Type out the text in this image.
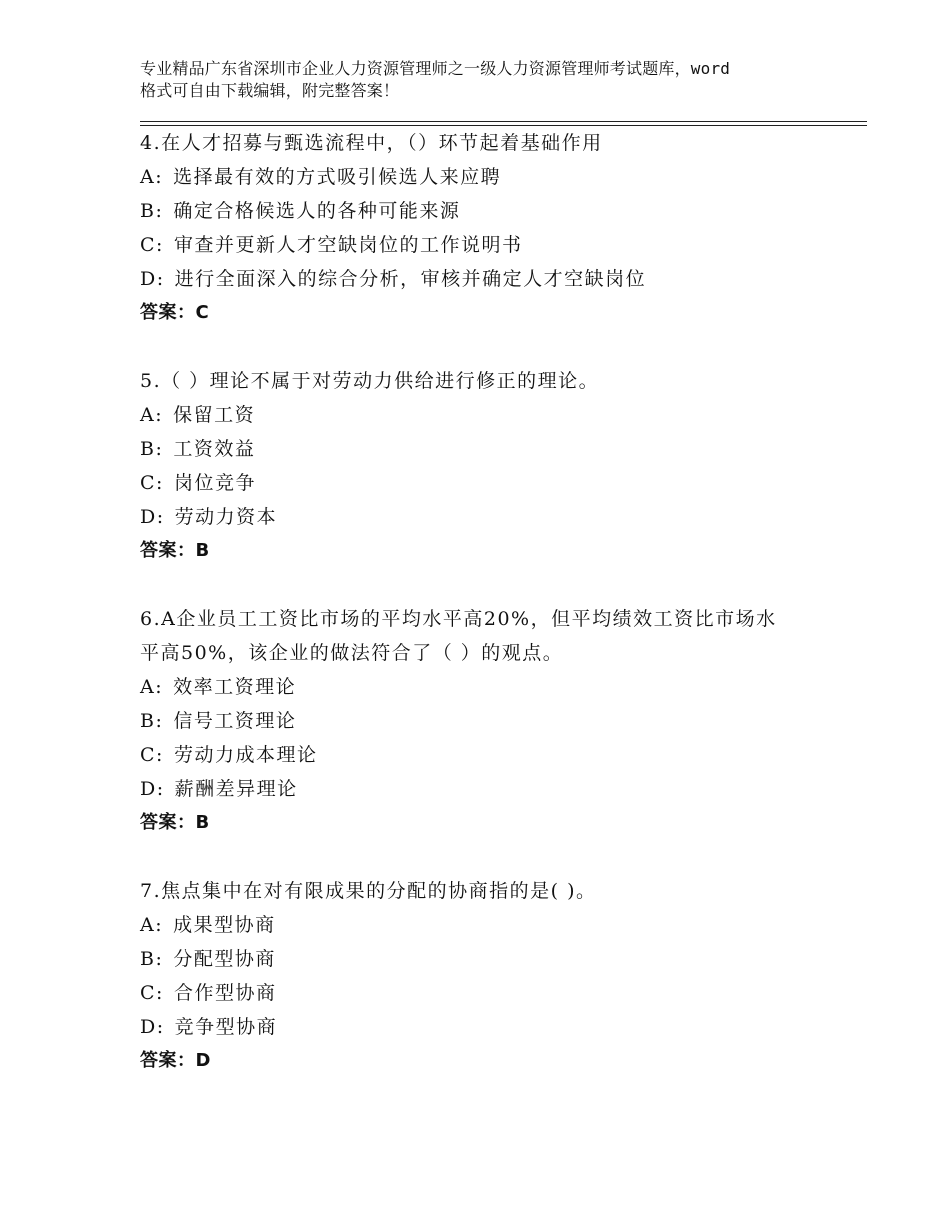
专业精品广东省深圳市企业人力资源管理师之一级人力资源管理师考试题库，word
格式可自由下载编辑，附完整答案！
4.在人才招募与甄选流程中，（）环节起着基础作用
A: 选择最有效的方式吸引候选人来应聘
B: 确定合格候选人的各种可能来源
C: 审查并更新人才空缺岗位的工作说明书
D: 进行全面深入的综合分析，审核并确定人才空缺岗位
答案：C
5.（ ）理论不属于对劳动力供给进行修正的理论。
A: 保留工资
B: 工资效益
C: 岗位竞争
D: 劳动力资本
答案：B
6.A企业员工工资比市场的平均水平高20%，但平均绩效工资比市场水
平高50%，该企业的做法符合了（ ）的观点。
A: 效率工资理论
B: 信号工资理论
C: 劳动力成本理论
D: 薪酬差异理论
答案：B
7.焦点集中在对有限成果的分配的协商指的是( )。
A: 成果型协商
B: 分配型协商
C: 合作型协商
D: 竞争型协商
答案：D
